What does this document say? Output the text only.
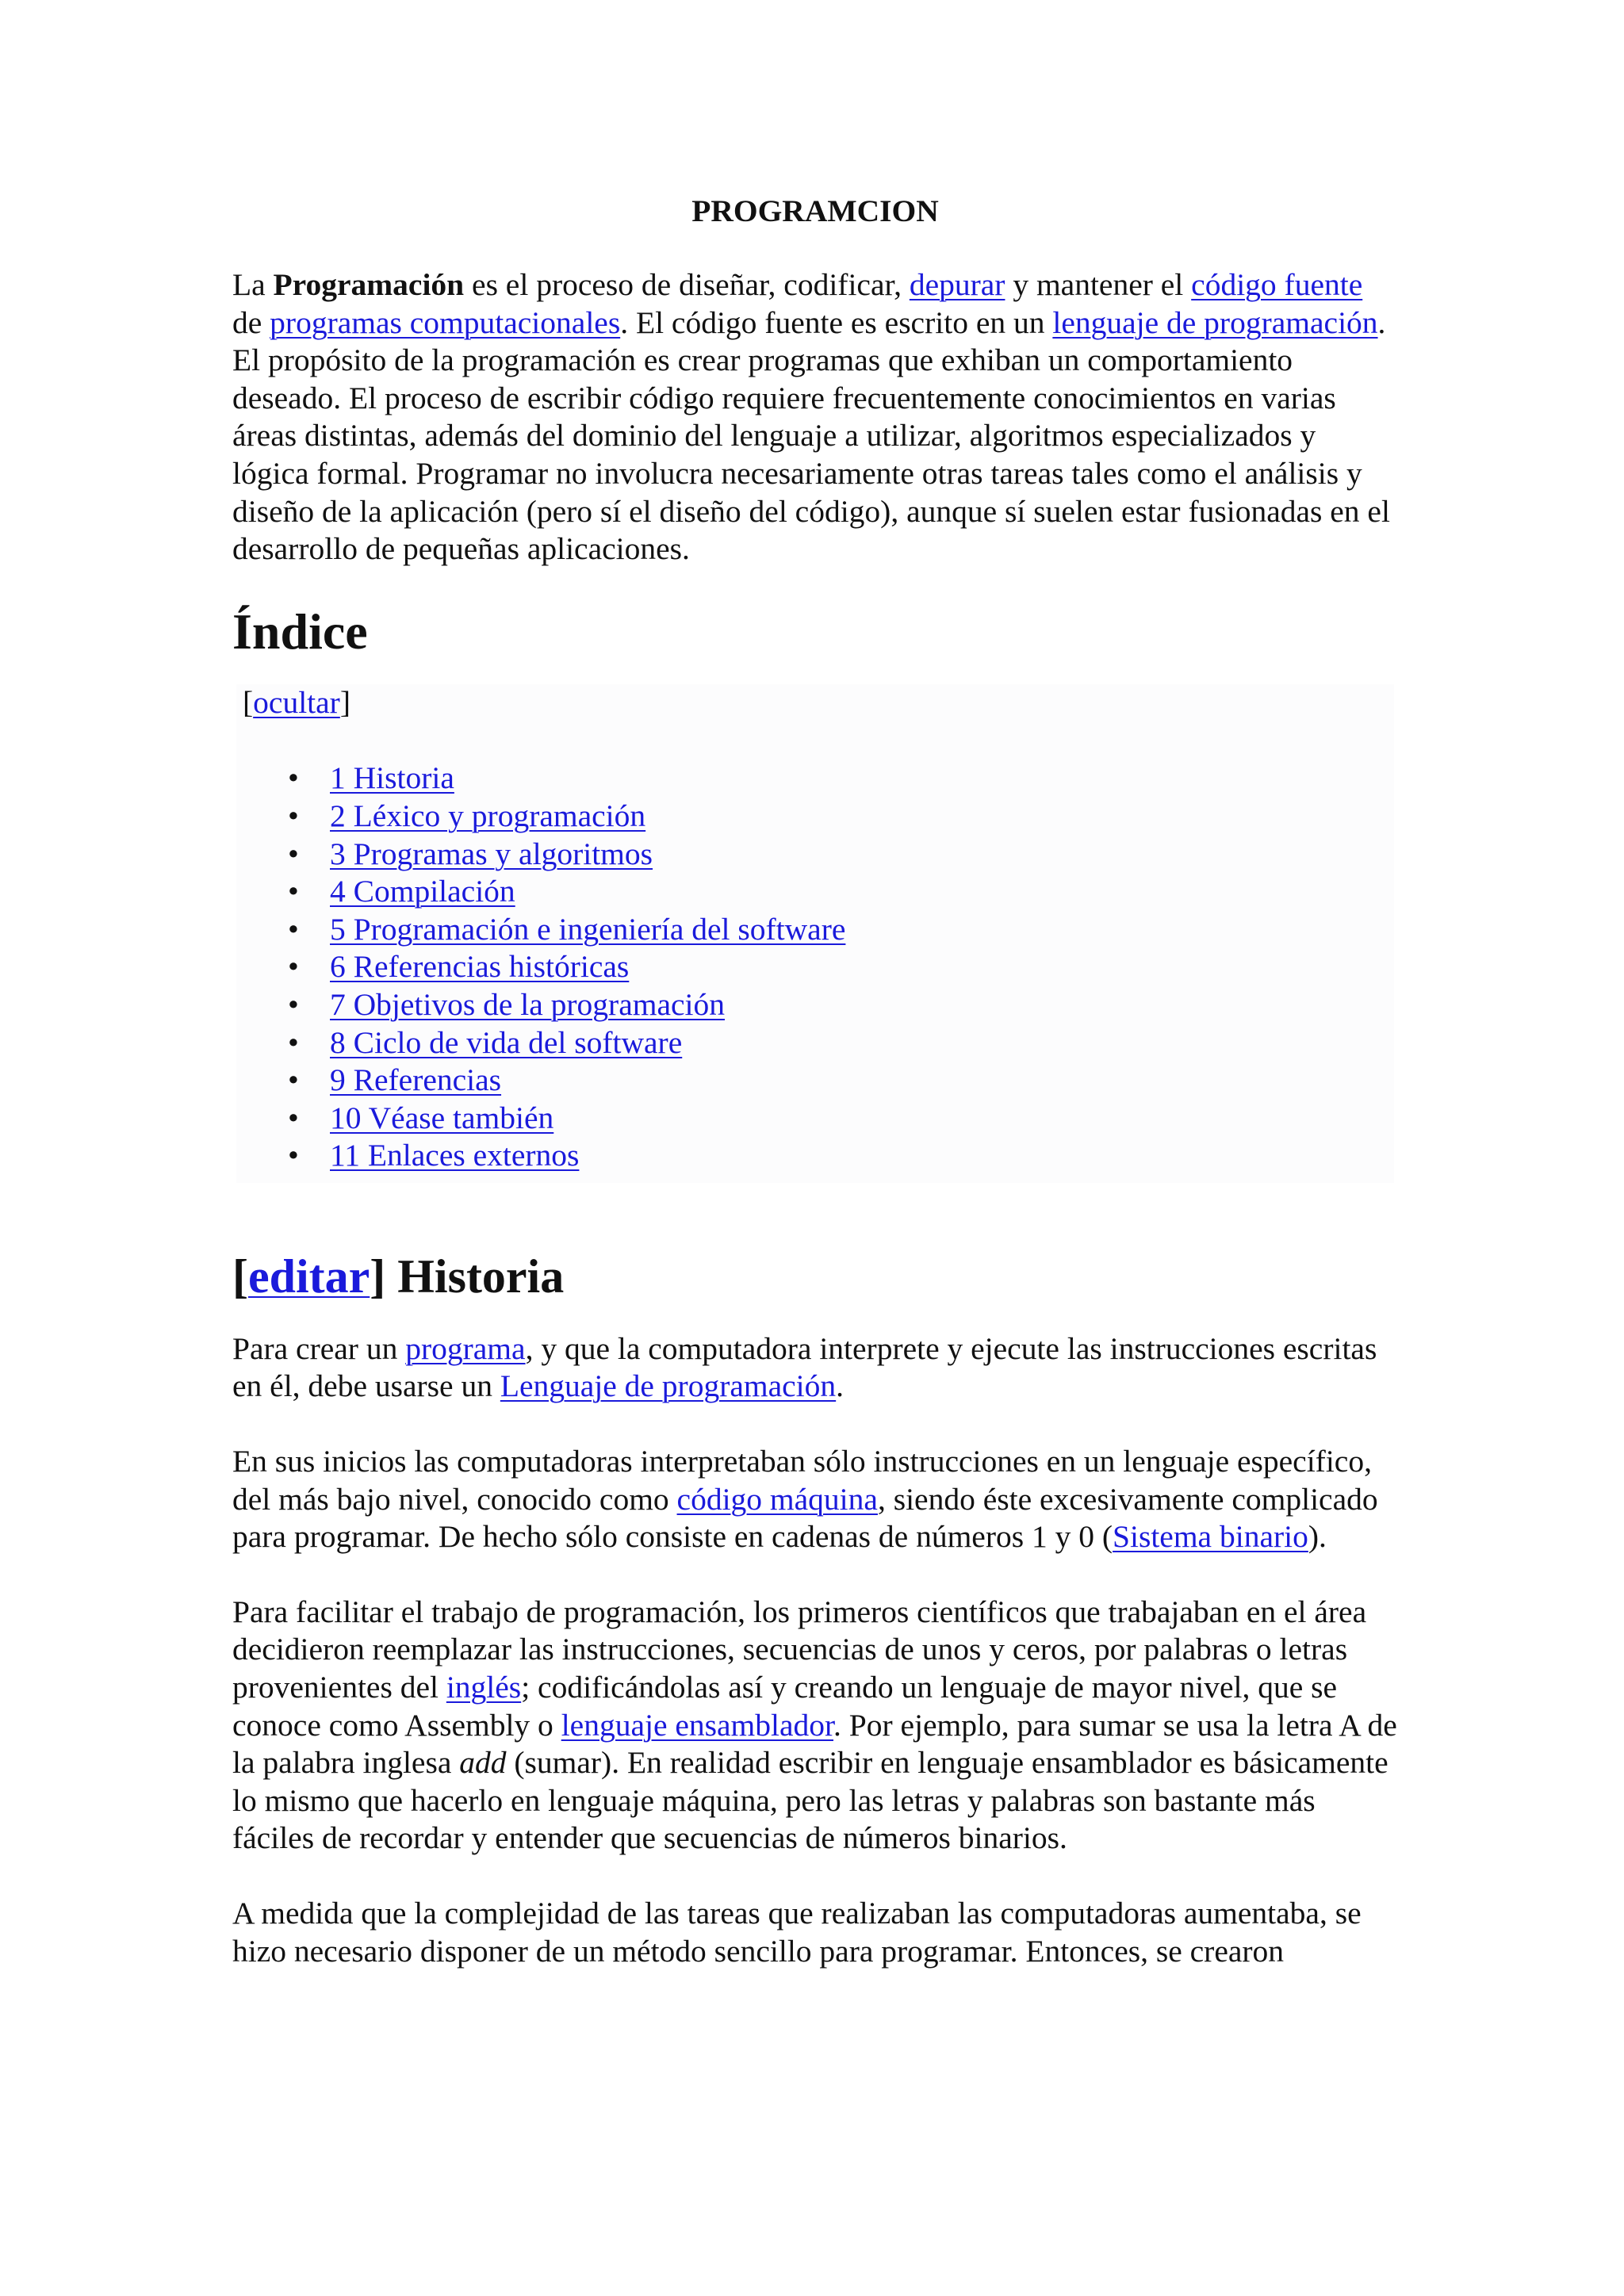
PROGRAMCION

La Programación es el proceso de diseñar, codificar, depurar y mantener el código fuente de programas computacionales. El código fuente es escrito en un lenguaje de programación. El propósito de la programación es crear programas que exhiban un comportamiento deseado. El proceso de escribir código requiere frecuentemente conocimientos en varias áreas distintas, además del dominio del lenguaje a utilizar, algoritmos especializados y lógica formal. Programar no involucra necesariamente otras tareas tales como el análisis y diseño de la aplicación (pero sí el diseño del código), aunque sí suelen estar fusionadas en el desarrollo de pequeñas aplicaciones.

Índice
[ocultar]
• 1 Historia
• 2 Léxico y programación
• 3 Programas y algoritmos
• 4 Compilación
• 5 Programación e ingeniería del software
• 6 Referencias históricas
• 7 Objetivos de la programación
• 8 Ciclo de vida del software
• 9 Referencias
• 10 Véase también
• 11 Enlaces externos
[editar] Historia

Para crear un programa, y que la computadora interprete y ejecute las instrucciones escritas en él, debe usarse un Lenguaje de programación.

En sus inicios las computadoras interpretaban sólo instrucciones en un lenguaje específico, del más bajo nivel, conocido como código máquina, siendo éste excesivamente complicado para programar. De hecho sólo consiste en cadenas de números 1 y 0 (Sistema binario).

Para facilitar el trabajo de programación, los primeros científicos que trabajaban en el área decidieron reemplazar las instrucciones, secuencias de unos y ceros, por palabras o letras provenientes del inglés; codificándolas así y creando un lenguaje de mayor nivel, que se conoce como Assembly o lenguaje ensamblador. Por ejemplo, para sumar se usa la letra A de la palabra inglesa add (sumar). En realidad escribir en lenguaje ensamblador es básicamente lo mismo que hacerlo en lenguaje máquina, pero las letras y palabras son bastante más fáciles de recordar y entender que secuencias de números binarios.

A medida que la complejidad de las tareas que realizaban las computadoras aumentaba, se hizo necesario disponer de un método sencillo para programar. Entonces, se crearon
